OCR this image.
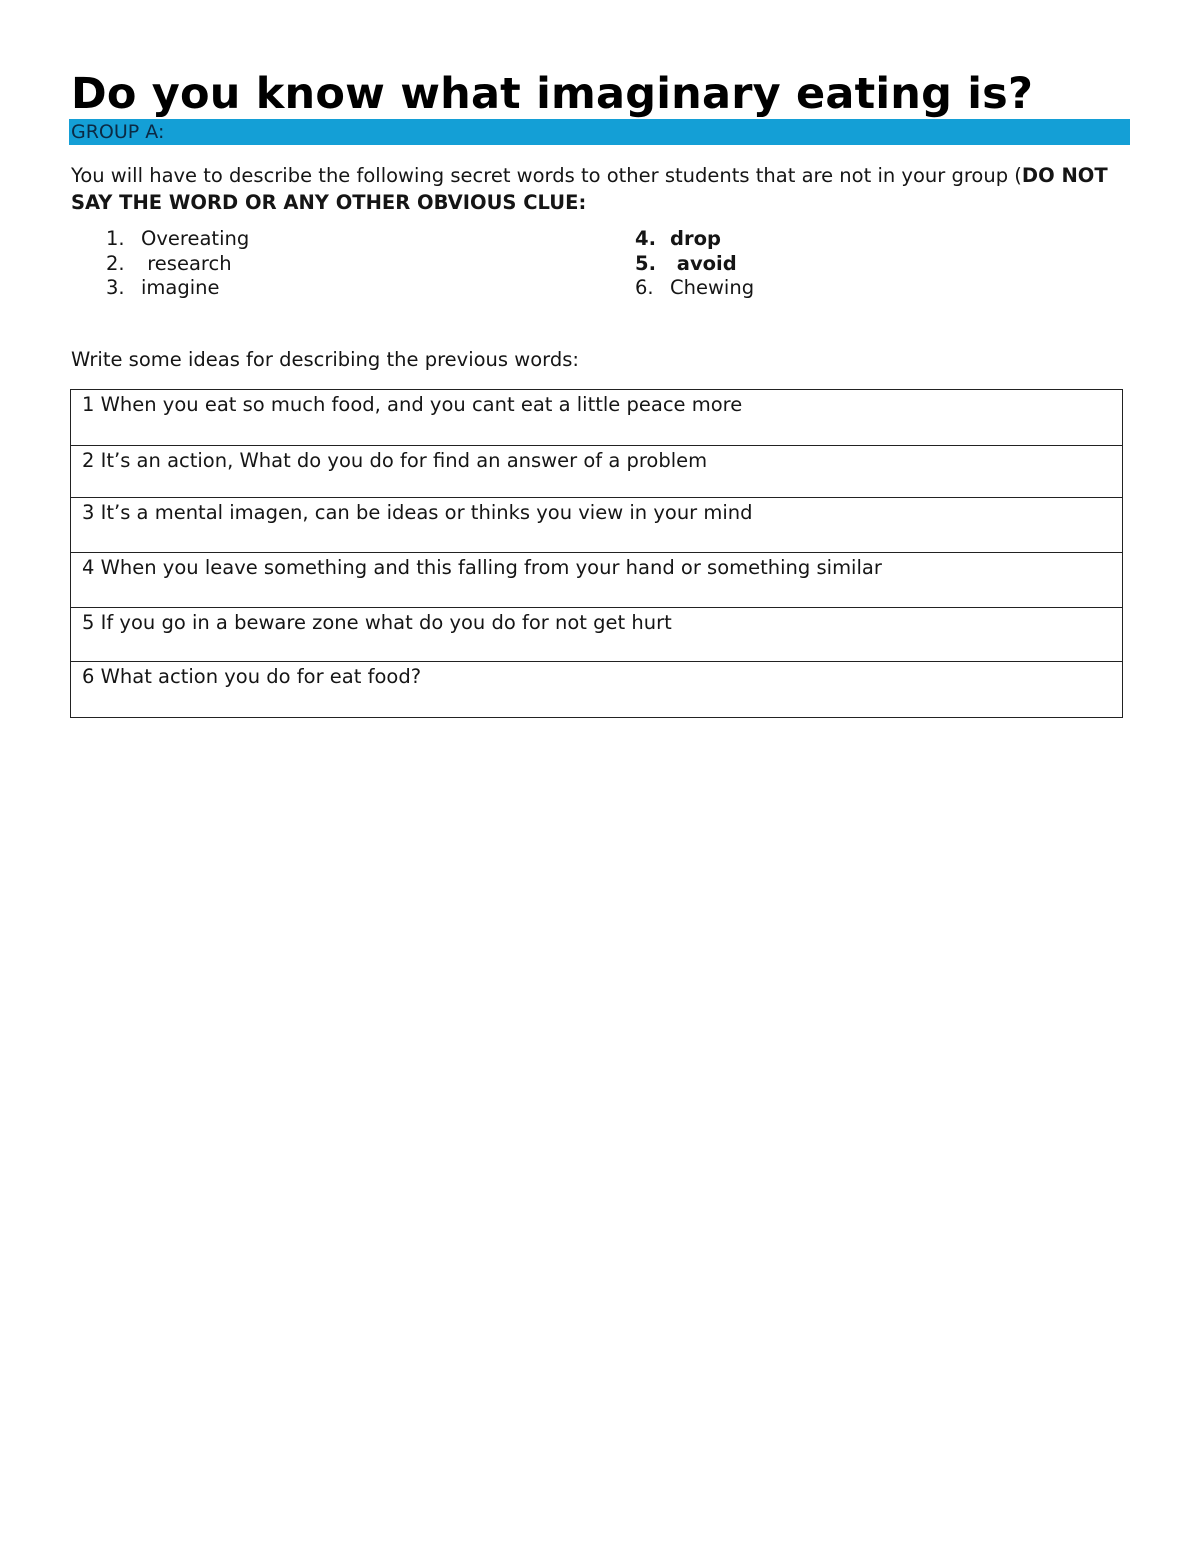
Do you know what imaginary eating is?
GROUP A:

You will have to describe the following secret words to other students that are not in your group (DO NOT SAY THE WORD OR ANY OTHER OBVIOUS CLUE:

1. Overeating
2. research
3. imagine
4. drop
5. avoid
6. Chewing
Write some ideas for describing the previous words:
1 When you eat so much food, and you cant eat a little peace more
2 It’s an action, What do you do for find an answer of a problem
3 It’s a mental imagen, can be ideas or thinks you view in your mind
4 When you leave something and this falling from your hand or something similar
5 If you go in a beware zone what do you do for not get hurt
6 What action you do for eat food?
